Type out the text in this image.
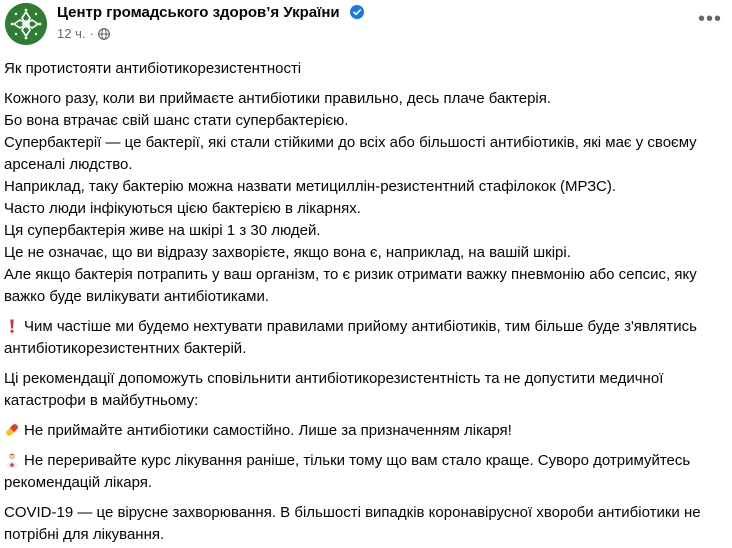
Центр громадського здоров’я України
12 ч. ·
•••

Як протистояти антибіотикорезистентності

Кожного разу, коли ви приймаєте антибіотики правильно, десь плаче бактерія.

Бо вона втрачає свій шанс стати супербактерією.

Супербактерії — це бактерії, які стали стійкими до всіх або більшості антибіотиків, які має у своєму арсеналі людство.

Наприклад, таку бактерію можна назвати метициллін-резистентний стафілокок (МРЗС).

Часто люди інфікуються цією бактерією в лікарнях.

Ця супербактерія живе на шкірі 1 з 30 людей.

Це не означає, що ви відразу захворієте, якщо вона є, наприклад, на вашій шкірі.

Але якщо бактерія потрапить у ваш організм, то є ризик отримати важку пневмонію або сепсис, яку важко буде вилікувати антибіотиками.

Чим частіше ми будемо нехтувати правилами прийому антибіотиків, тим більше буде з'являтись антибіотикорезистентних бактерій.

Ці рекомендації допоможуть сповільнити антибіотикорезистентність та не допустити медичної катастрофи в майбутньому:

Не приймайте антибіотики самостійно. Лише за призначенням лікаря!

Не переривайте курс лікування раніше, тільки тому що вам стало краще. Суворо дотримуйтесь рекомендацій лікаря.

COVID-19 — це вірусне захворювання. В більшості випадків коронавірусної хвороби антибіотики не потрібні для лікування.
